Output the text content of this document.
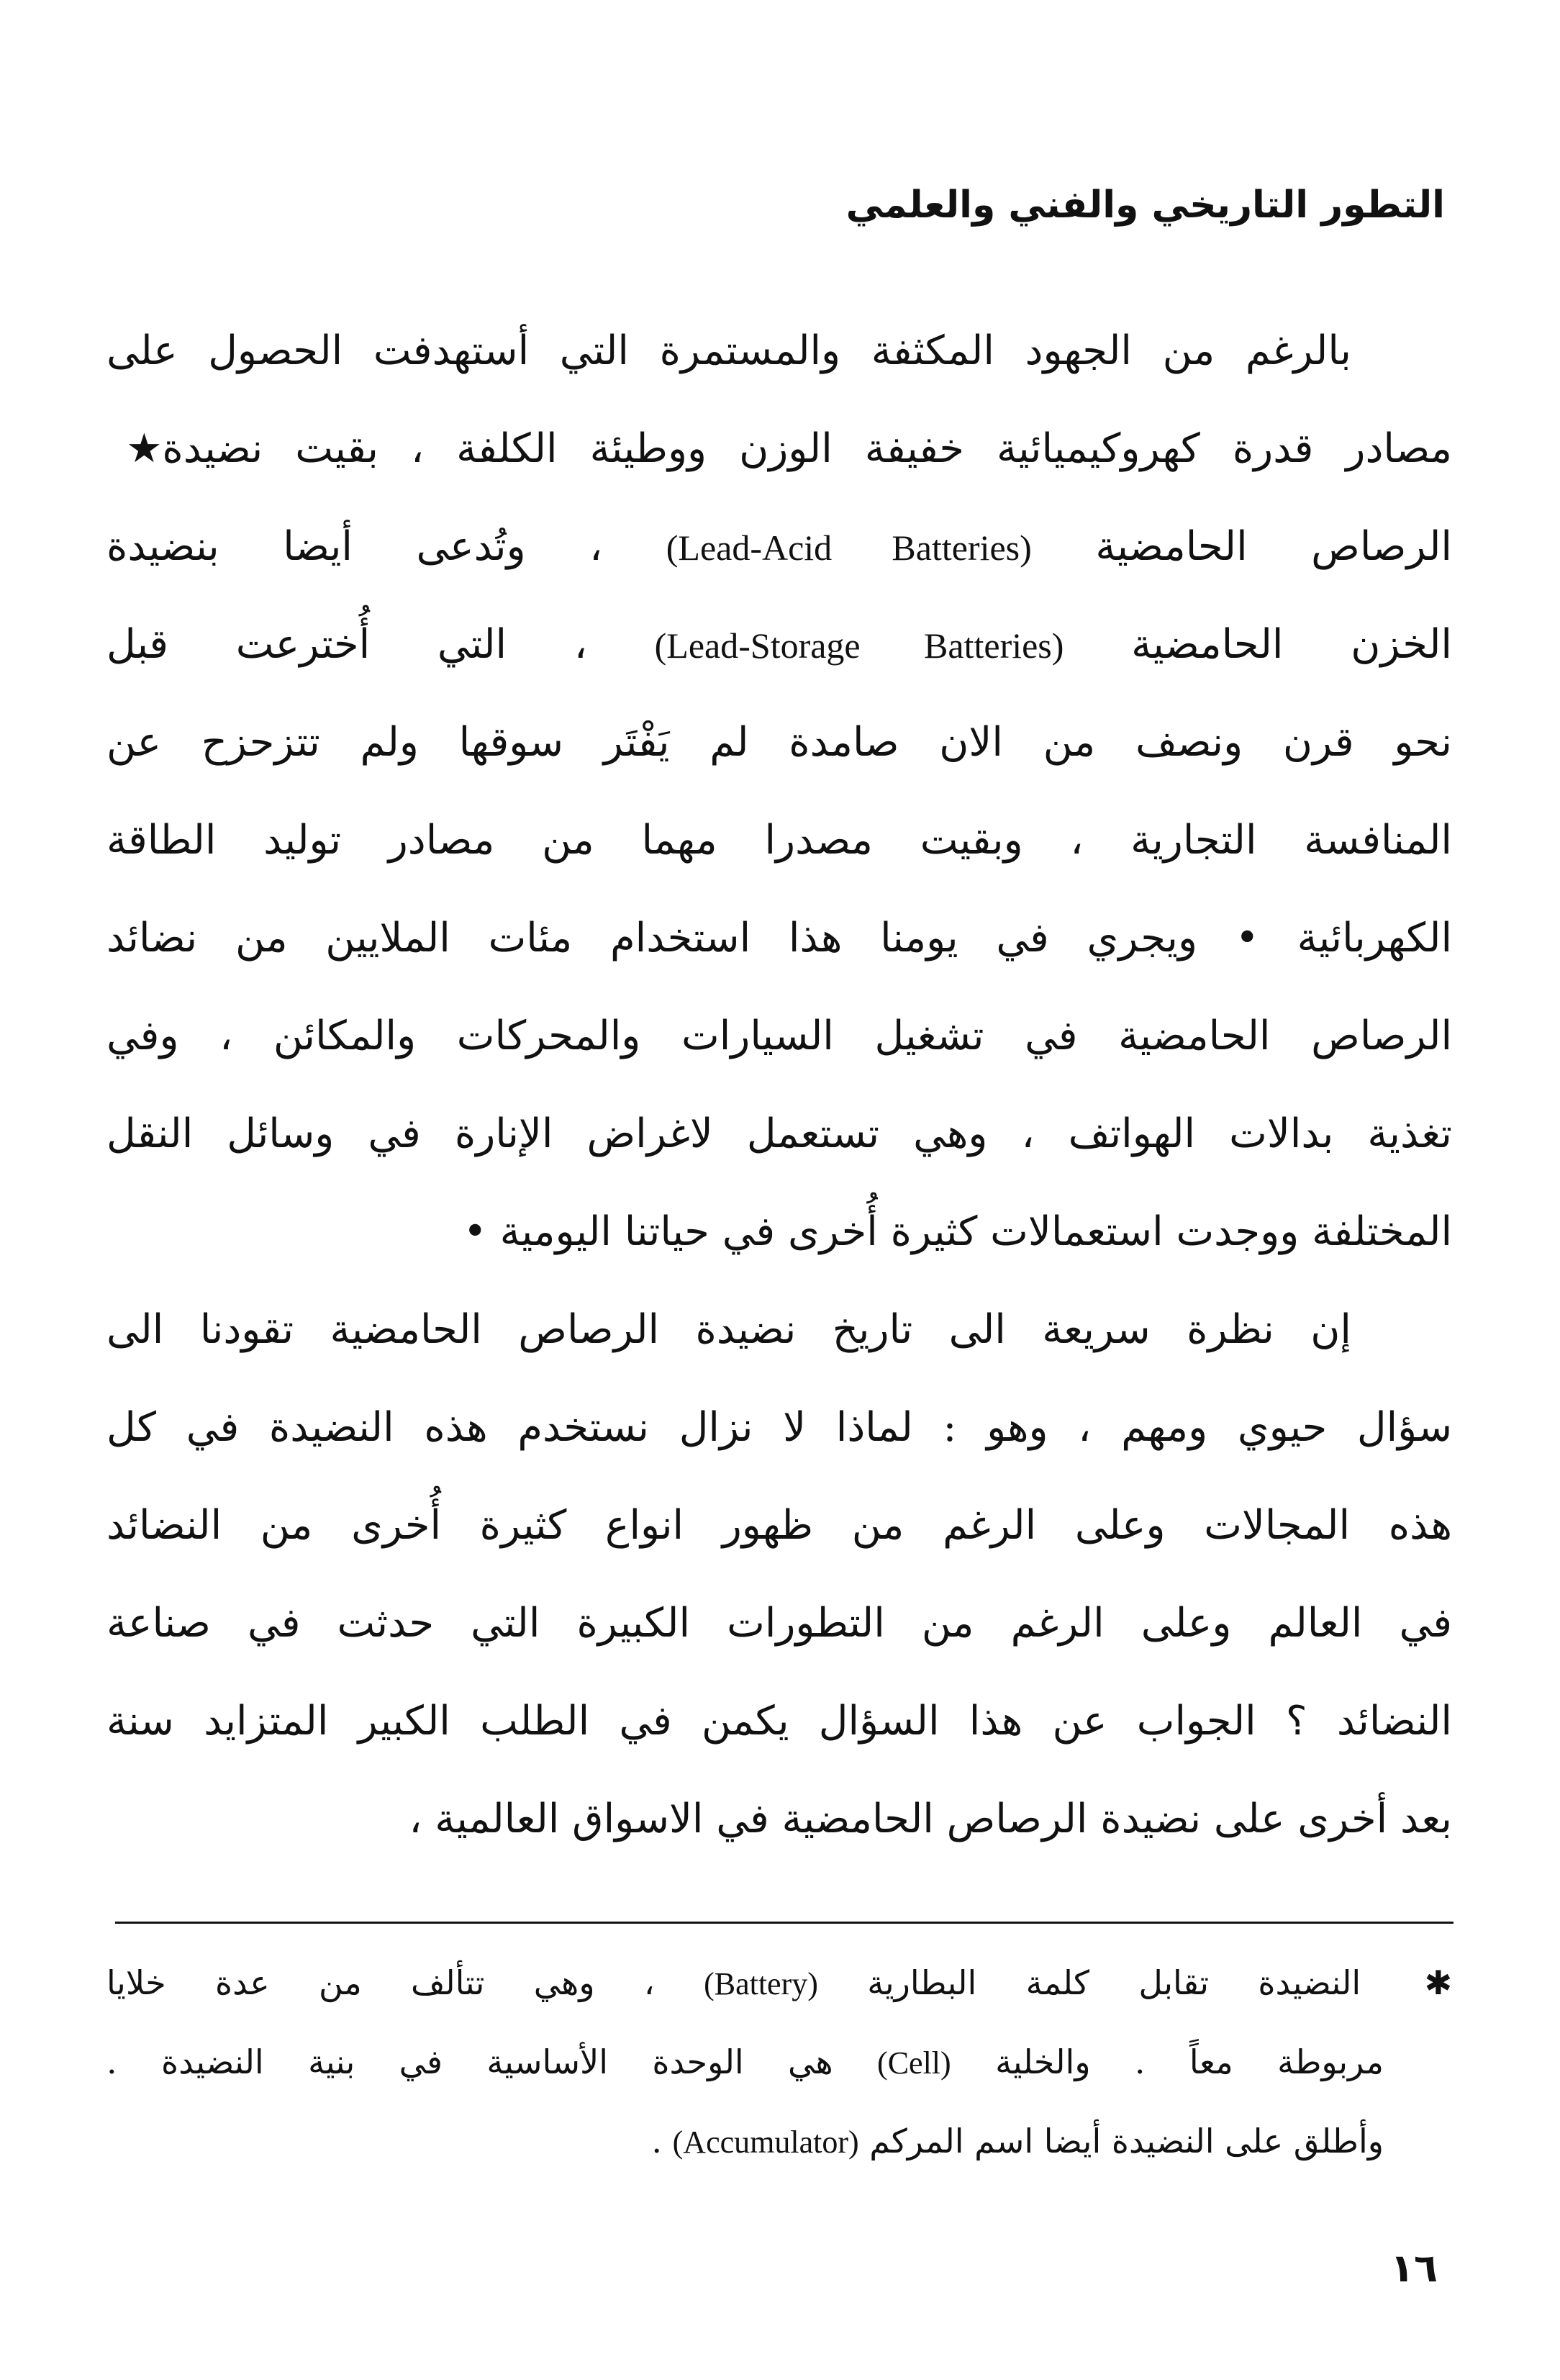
التطور التاريخي والفني والعلمي
بالرغم من الجهود المكثفة والمستمرة التي أستهدفت الحصول على
مصادر قدرة كهروكيميائية خفيفة الوزن ووطيئة الكلفة ، بقيت نضيدة★
الرصاص الحامضية (Lead-Acid Batteries) ، وتُدعى أيضا بنضيدة
الخزن الحامضية (Lead-Storage Batteries) ، التي أُخترعت قبل
نحو قرن ونصف من الان صامدة لم يَفْتَر سوقها ولم تتزحزح عن
المنافسة التجارية ، وبقيت مصدرا مهما من مصادر توليد الطاقة
الكهربائية • ويجري في يومنا هذا استخدام مئات الملايين من نضائد
الرصاص الحامضية في تشغيل السيارات والمحركات والمكائن ، وفي
تغذية بدالات الهواتف ، وهي تستعمل لاغراض الإنارة في وسائل النقل
المختلفة ووجدت استعمالات كثيرة أُخرى في حياتنا اليومية •
إن نظرة سريعة الى تاريخ نضيدة الرصاص الحامضية تقودنا الى
سؤال حيوي ومهم ، وهو : لماذا لا نزال نستخدم هذه النضيدة في كل
هذه المجالات وعلى الرغم من ظهور انواع كثيرة أُخرى من النضائد
في العالم وعلى الرغم من التطورات الكبيرة التي حدثت في صناعة
النضائد ؟ الجواب عن هذا السؤال يكمن في الطلب الكبير المتزايد سنة
بعد أخرى على نضيدة الرصاص الحامضية في الاسواق العالمية ،
✱ النضيدة تقابل كلمة البطارية (Battery) ، وهي تتألف من عدة خلايا
مربوطة معاً . والخلية (Cell) هي الوحدة الأساسية في بنية النضيدة .
وأطلق على النضيدة أيضا اسم المركم (Accumulator) .
١٦
